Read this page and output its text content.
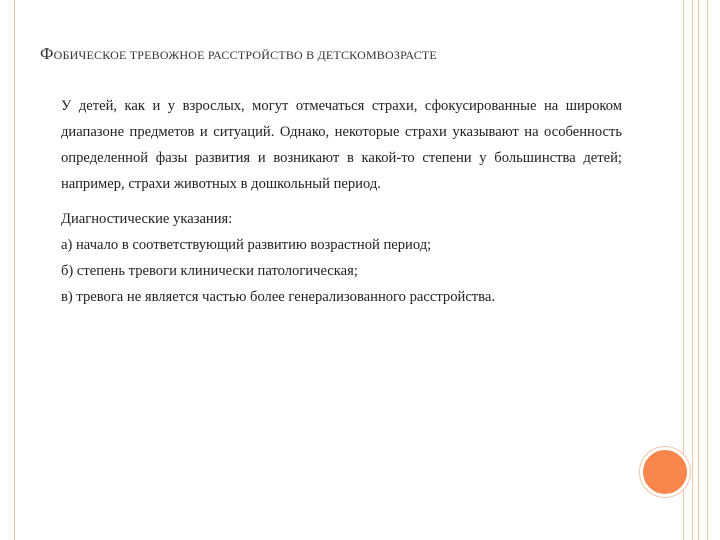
ФОБИЧЕСКОЕ ТРЕВОЖНОЕ РАССТРОЙСТВО В ДЕТСКОМВОЗРАСТЕ

У детей, как и у взрослых, могут отмечаться страхи, сфокусированные на широком диапазоне предметов и ситуаций. Однако, некоторые страхи указывают на особенность определенной фазы развития и возникают в какой-то степени у большинства детей; например, страхи животных в дошкольный период.

Диагностические указания:
а) начало в соответствующий развитию возрастной период;
б) степень тревоги клинически патологическая;
в) тревога не является частью более генерализованного расстройства.
